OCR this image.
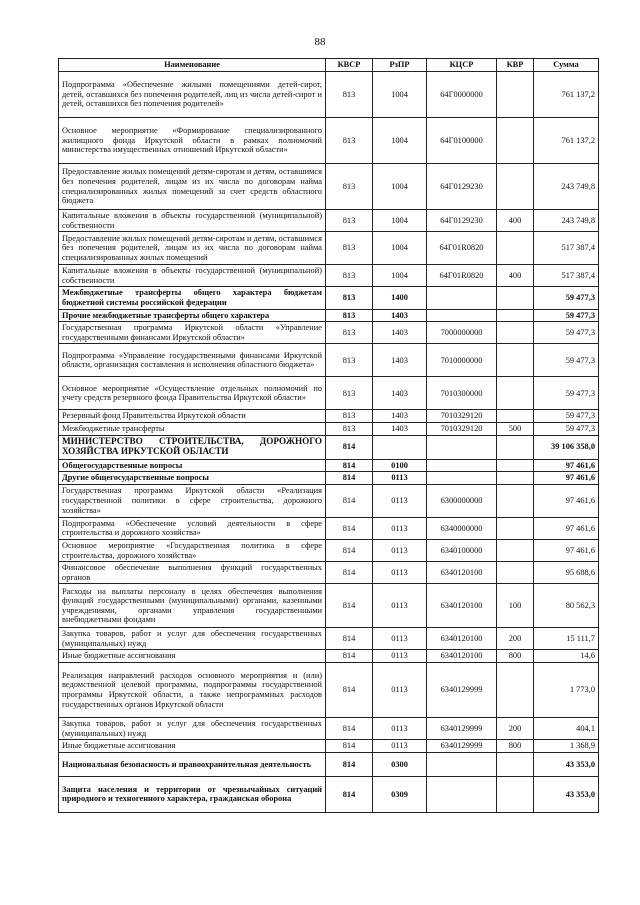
88
Наименование	КВСР	РзПР	КЦСР	КВР	Сумма
Подпрограмма «Обеспечение жилыми помещениями детей-сирот, детей, оставшихся без попечения родителей, лиц из числа детей-сирот и детей, оставшихся без попечения родителей»	813	1004	64Г0000000		761 137,2
Основное мероприятие «Формирование специализированного жилищного фонда Иркутской области в рамках полномочий министерства имущественных отношений Иркутской области»	813	1004	64Г0100000		761 137,2
Предоставление жилых помещений детям-сиротам и детям, оставшимся без попечения родителей, лицам из их числа по договорам найма специализированных жилых помещений за счет средств областного бюджета	813	1004	64Г0129230		243 749,8
Капитальные вложения в объекты государственной (муниципальной) собственности	813	1004	64Г0129230	400	243 749,8
Предоставление жилых помещений детям-сиротам и детям, оставшимся без попечения родителей, лицам из их числа по договорам найма специализированных жилых помещений	813	1004	64Г01R0820		517 387,4
Капитальные вложения в объекты государственной (муниципальной) собственности	813	1004	64Г01R0820	400	517 387,4
Межбюджетные трансферты общего характера бюджетам бюджетной системы российской федерации	813	1400			59 477,3
Прочие межбюджетные трансферты общего характера	813	1403			59 477,3
Государственная программа Иркутской области «Управление государственными финансами Иркутской области»	813	1403	7000000000		59 477,3
Подпрограмма «Управление государственными финансами Иркутской области, организация составления и исполнения областного бюджета»	813	1403	7010000000		59 477,3
Основное мероприятие «Осуществление отдельных полномочий по учету средств резервного фонда Правительства Иркутской области»	813	1403	7010300000		59 477,3
Резервный фонд Правительства Иркутской области	813	1403	7010329120		59 477,3
Межбюджетные трансферты	813	1403	7010329120	500	59 477,3
МИНИСТЕРСТВО СТРОИТЕЛЬСТВА, ДОРОЖНОГО ХОЗЯЙСТВА ИРКУТСКОЙ ОБЛАСТИ	814				39 106 358,0
Общегосударственные вопросы	814	0100			97 461,6
Другие общегосударственные вопросы	814	0113			97 461,6
Государственная программа Иркутской области «Реализация государственной политики в сфере строительства, дорожного хозяйства»	814	0113	6300000000		97 461,6
Подпрограмма «Обеспечение условий деятельности в сфере строительства и дорожного хозяйства»	814	0113	6340000000		97 461,6
Основное мероприятие «Государственная политика в сфере строительства, дорожного хозяйства»	814	0113	6340100000		97 461,6
Финансовое обеспечение выполнения функций государственных органов	814	0113	6340120100		95 688,6
Расходы на выплаты персоналу в целях обеспечения выполнения функций государственными (муниципальными) органами, казенными учреждениями, органами управления государственными внебюджетными фондами	814	0113	6340120100	100	80 562,3
Закупка товаров, работ и услуг для обеспечения государственных (муниципальных) нужд	814	0113	6340120100	200	15 111,7
Иные бюджетные ассигнования	814	0113	6340120100	800	14,6
Реализация направлений расходов основного мероприятия и (или) ведомственной целевой программы, подпрограммы государственной программы Иркутской области, а также непрограммных расходов государственных органов Иркутской области	814	0113	6340129999		1 773,0
Закупка товаров, работ и услуг для обеспечения государственных (муниципальных) нужд	814	0113	6340129999	200	404,1
Иные бюджетные ассигнования	814	0113	6340129999	800	1 368,9
Национальная безопасность и правоохранительная деятельность	814	0300			43 353,0
Защита населения и территории от чрезвычайных ситуаций природного и техногенного характера, гражданская оборона	814	0309			43 353,0
